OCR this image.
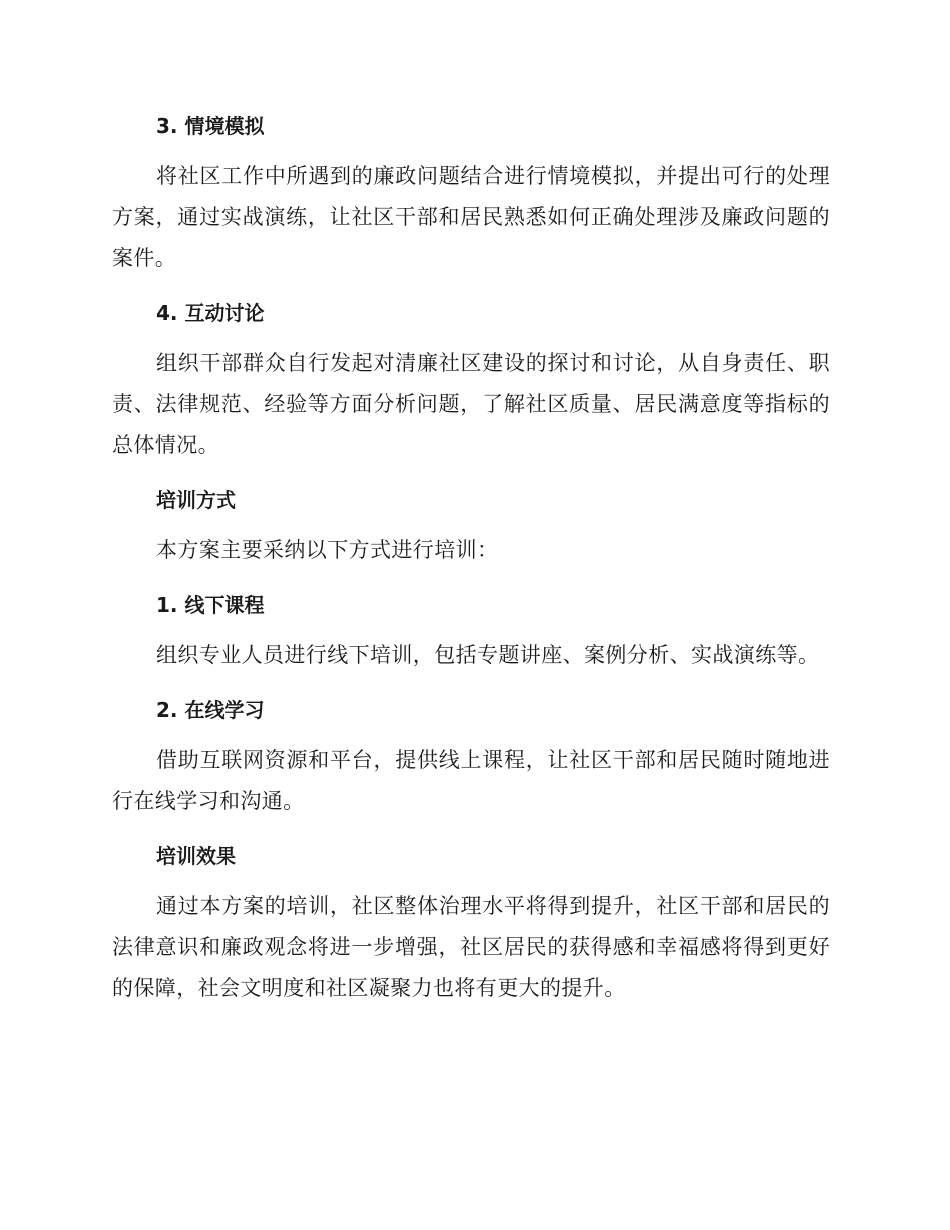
3. 情境模拟
将社区工作中所遇到的廉政问题结合进行情境模拟，并提出可行的处理方案，通过实战演练，让社区干部和居民熟悉如何正确处理涉及廉政问题的案件。
4. 互动讨论
组织干部群众自行发起对清廉社区建设的探讨和讨论，从自身责任、职责、法律规范、经验等方面分析问题，了解社区质量、居民满意度等指标的总体情况。
培训方式
本方案主要采纳以下方式进行培训：
1. 线下课程
组织专业人员进行线下培训，包括专题讲座、案例分析、实战演练等。
2. 在线学习
借助互联网资源和平台，提供线上课程，让社区干部和居民随时随地进行在线学习和沟通。
培训效果
通过本方案的培训，社区整体治理水平将得到提升，社区干部和居民的法律意识和廉政观念将进一步增强，社区居民的获得感和幸福感将得到更好的保障，社会文明度和社区凝聚力也将有更大的提升。
